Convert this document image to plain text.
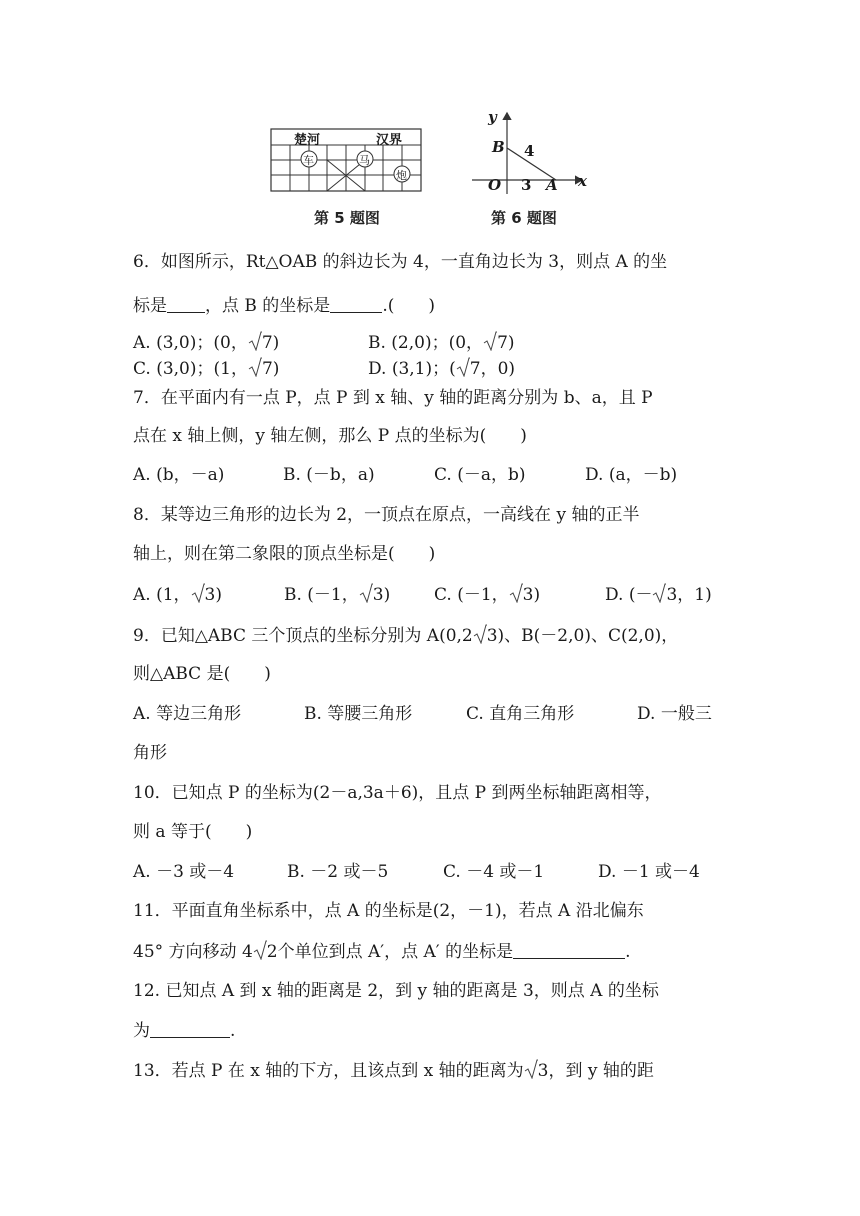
楚河	汉界
车	马
炮
第 5 题图
y
x
B
O	A
4
3
第 6 题图
6．如图所示，Rt△OAB 的斜边长为 4，一直角边长为 3，则点 A 的坐
标是 ，点 B 的坐标是	.(　　)
A. (3,0)；(0， 7)	B. (2,0)；(0， 7)
C. (3,0)；(1， 7)	D. (3,1)；( 7，0)
7．在平面内有一点 P，点 P 到 x 轴、y 轴的距离分别为 b、a，且 P
点在 x 轴上侧，y 轴左侧，那么 P 点的坐标为(　　)
A. (b，－a)	B. (－b，a)	C. (－a，b)	D. (a，－b)
8．某等边三角形的边长为 2，一顶点在原点，一高线在 y 轴的正半
轴上，则在第二象限的顶点坐标是(　　)
A. (1， 3)	B. (－1， 3)	C. (－1， 3)	D. (－ 3，1)
9．已知△ABC 三个顶点的坐标分别为 A(0,2 3)、B(－2,0)、C(2,0)，
则△ABC 是(　　)
A. 等边三角形	B. 等腰三角形	C. 直角三角形	D. 一般三
角形
10．已知点 P 的坐标为(2－a,3a＋6)，且点 P 到两坐标轴距离相等，
则 a 等于(　　)
A. －3 或－4	B. －2 或－5	C. －4 或－1	D. －1 或－4
11．平面直角坐标系中，点 A 的坐标是(2，－1)，若点 A 沿北偏东
45° 方向移动 4 2个单位到点 A′，点 A′ 的坐标是	.
12. 已知点 A 到 x 轴的距离是 2，到 y 轴的距离是 3，则点 A 的坐标
为	.
13．若点 P 在 x 轴的下方，且该点到 x 轴的距离为 3，到 y 轴的距
